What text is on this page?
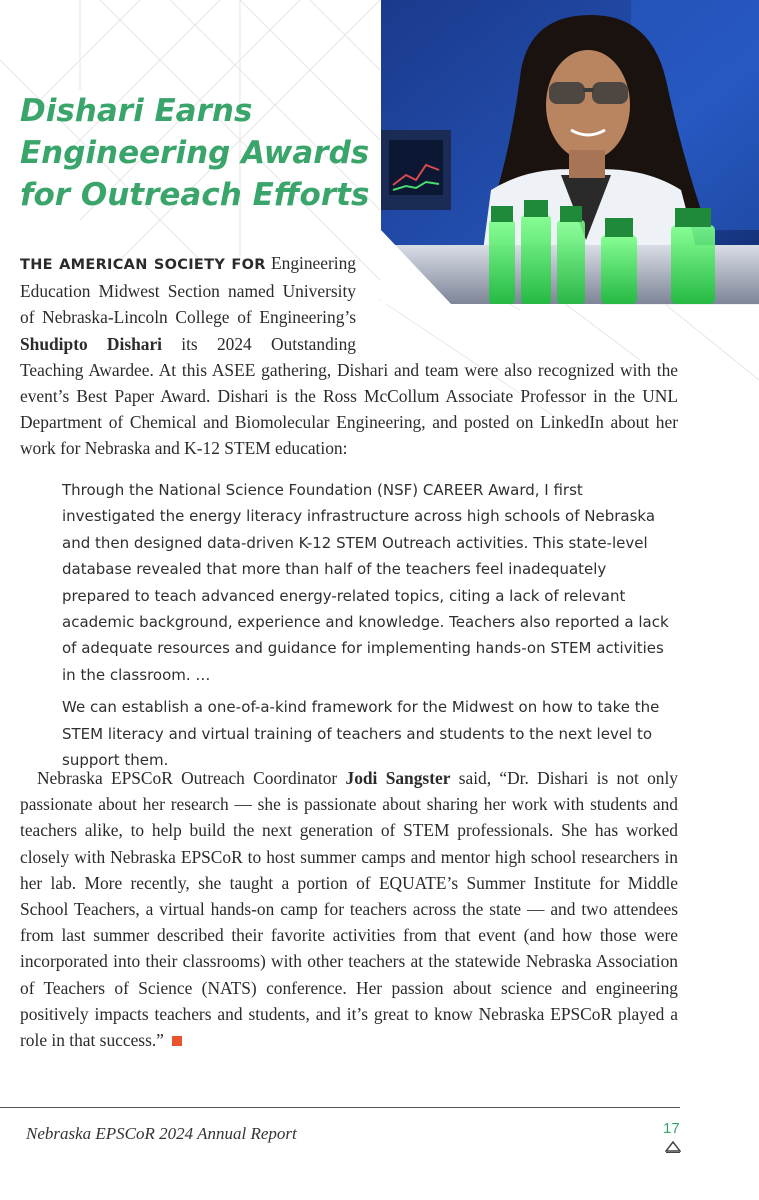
Dishari Earns
Engineering Awards
for Outreach Efforts

THE AMERICAN SOCIETY FOR Engineering Education Midwest Section named University of Nebraska-Lincoln College of Engineering’s Shudipto Dishari its 2024 Outstanding Teaching Awardee. At this ASEE gathering, Dishari and team were also recognized with the event’s Best Paper Award. Dishari is the Ross McCollum Associate Professor in the UNL Department of Chemical and Biomolecular Engineering, and posted on LinkedIn about her work for Nebraska and K-12 STEM education:

Through the National Science Foundation (NSF) CAREER Award, I first investigated the energy literacy infrastructure across high schools of Nebraska and then designed data-driven K-12 STEM Outreach activities. This state-level database revealed that more than half of the teachers feel inadequately prepared to teach advanced energy-related topics, citing a lack of relevant academic background, experience and knowledge. Teachers also reported a lack of adequate resources and guidance for implementing hands-on STEM activities in the classroom. …

We can establish a one-of-a-kind framework for the Midwest on how to take the STEM literacy and virtual training of teachers and students to the next level to support them.

Nebraska EPSCoR Outreach Coordinator Jodi Sangster said, “Dr. Dishari is not only passionate about her research — she is passionate about sharing her work with students and teachers alike, to help build the next generation of STEM professionals. She has worked closely with Nebraska EPSCoR to host summer camps and mentor high school researchers in her lab. More recently, she taught a portion of EQUATE’s Summer Institute for Middle School Teachers, a virtual hands-on camp for teachers across the state — and two attendees from last summer described their favorite activities from that event (and how those were incorporated into their classrooms) with other teachers at the statewide Nebraska Association of Teachers of Science (NATS) conference. Her passion about science and engineering positively impacts teachers and students, and it’s great to know Nebraska EPSCoR played a role in that success.”

Nebraska EPSCoR 2024 Annual Report	17
